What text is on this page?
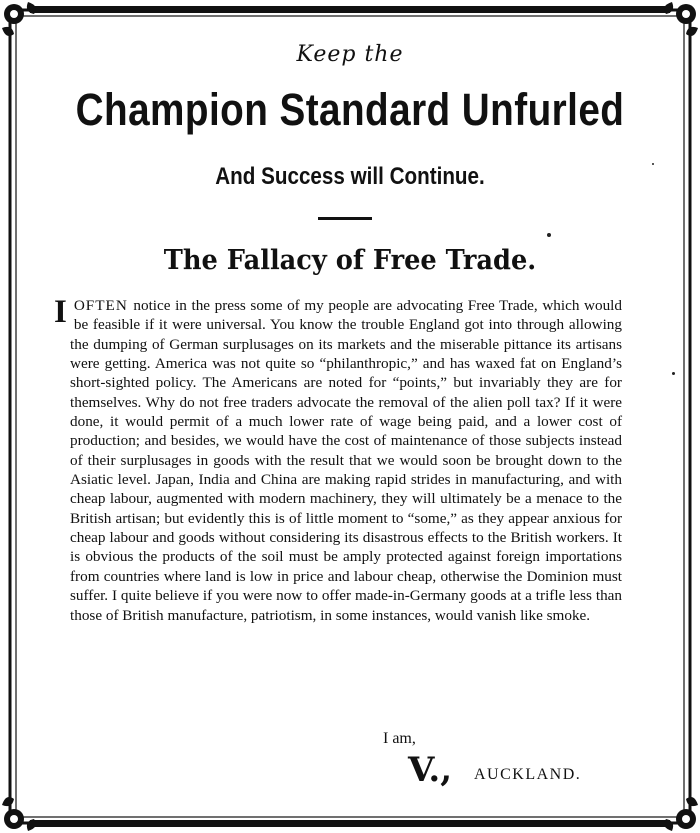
Keep the
Champion Standard Unfurled
And Success will Continue.
The Fallacy of Free Trade.
I OFTEN notice in the press some of my people are advocating Free Trade, which would be feasible if it were universal. You know the trouble England got into through allowing the dumping of German surplusages on its markets and the miserable pittance its artisans were getting. America was not quite so “philanthropic,” and has waxed fat on England’s short-sighted policy. The Americans are noted for “points,” but invariably they are for themselves. Why do not free traders advocate the removal of the alien poll tax? If it were done, it would permit of a much lower rate of wage being paid, and a lower cost of production; and besides, we would have the cost of maintenance of those subjects instead of their surplusages in goods with the result that we would soon be brought down to the Asiatic level. Japan, India and China are making rapid strides in manufacturing, and with cheap labour, augmented with modern machinery, they will ultimately be a menace to the British artisan; but evidently this is of little moment to “some,” as they appear anxious for cheap labour and goods without considering its disastrous effects to the British workers. It is obvious the products of the soil must be amply protected against foreign importations from countries where land is low in price and labour cheap, otherwise the Dominion must suffer. I quite believe if you were now to offer made-in-Germany goods at a trifle less than those of British manufacture, patriotism, in some instances, would vanish like smoke.
I am,
V., AUCKLAND.
